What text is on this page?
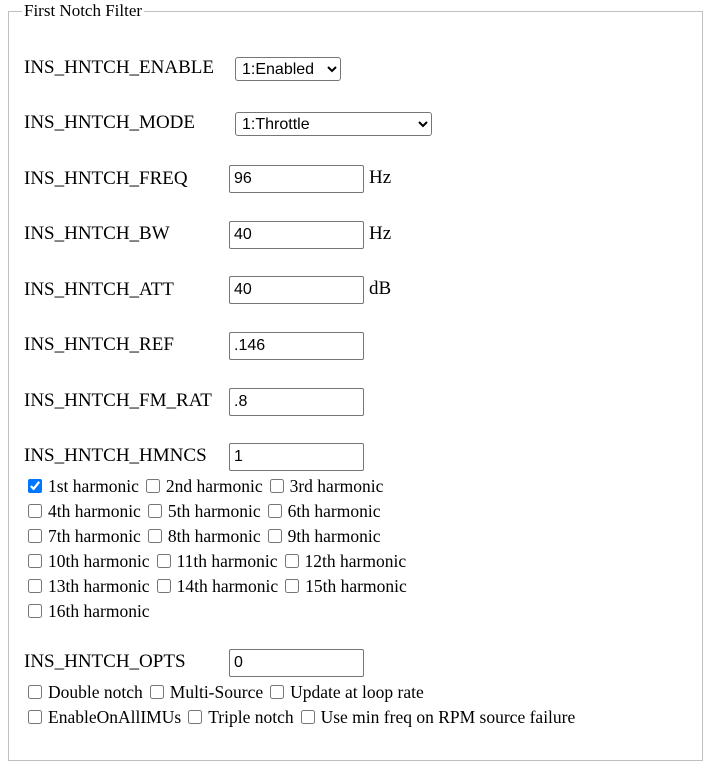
First Notch Filter
INS_HNTCH_ENABLE
1:Enabled
INS_HNTCH_MODE
1:Throttle
INS_HNTCH_FREQ
96	Hz
INS_HNTCH_BW
40	Hz
INS_HNTCH_ATT
40	dB
INS_HNTCH_REF
.146
INS_HNTCH_FM_RAT
.8
INS_HNTCH_HMNCS
1
1st harmonic 2nd harmonic 3rd harmonic
4th harmonic 5th harmonic 6th harmonic
7th harmonic 8th harmonic 9th harmonic
10th harmonic 11th harmonic 12th harmonic
13th harmonic 14th harmonic 15th harmonic
16th harmonic
INS_HNTCH_OPTS
0
Double notch Multi-Source Update at loop rate
EnableOnAllIMUs Triple notch Use min freq on RPM source failure
